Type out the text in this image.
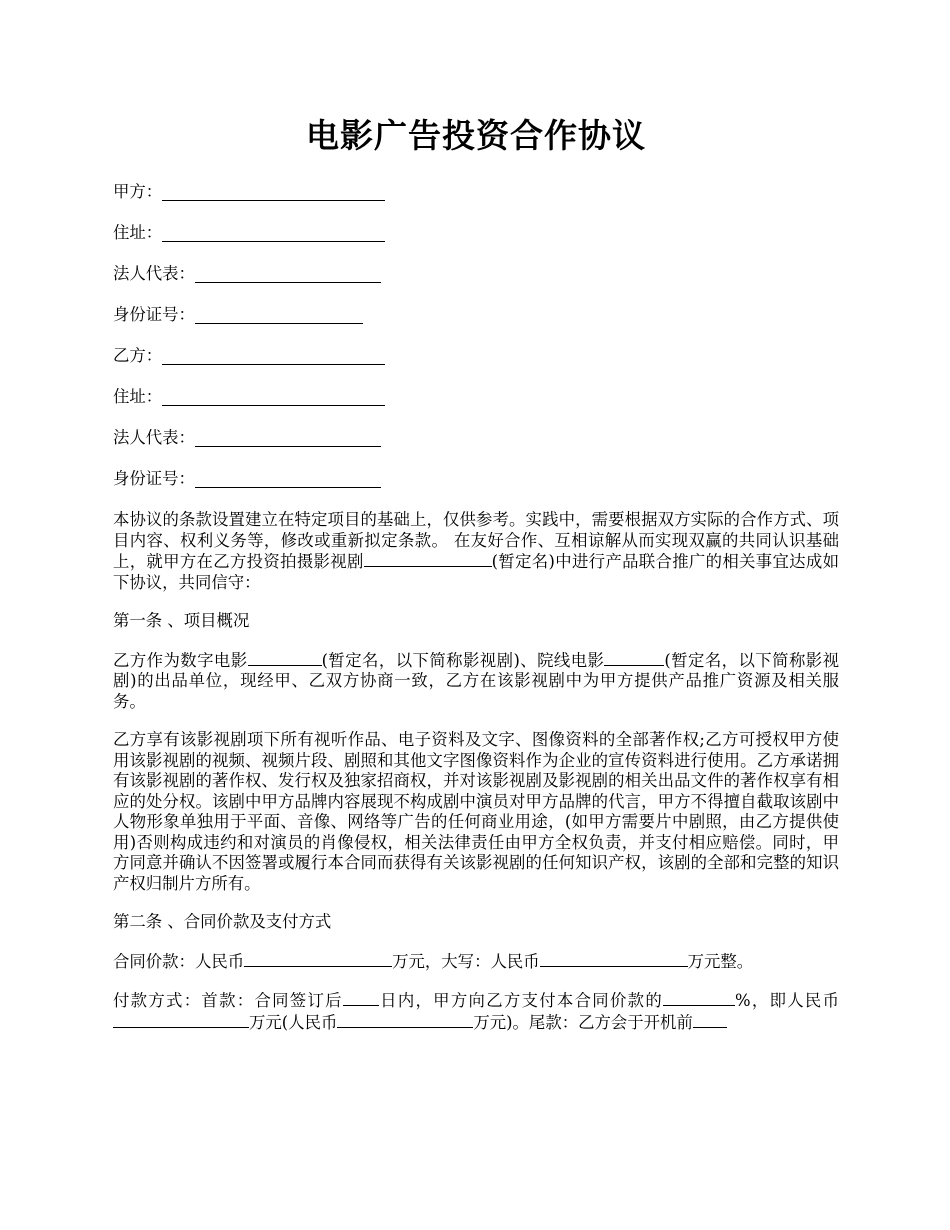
电影广告投资合作协议
甲方：
住址：
法人代表：
身份证号：
乙方：
住址：
法人代表：
身份证号：

本协议的条款设置建立在特定项目的基础上，仅供参考。实践中，需要根据双方实际的合作方式、项目内容、权利义务等，修改或重新拟定条款。 在友好合作、互相谅解从而实现双赢的共同认识基础上，就甲方在乙方投资拍摄影视剧	(暂定名)中进行产品联合推广的相关事宜达成如下协议，共同信守：

第一条 、项目概况

乙方作为数字电影	(暂定名，以下简称影视剧)、院线电影	(暂定名，以下简称影视剧)的出品单位，现经甲、乙双方协商一致，乙方在该影视剧中为甲方提供产品推广资源及相关服务。

乙方享有该影视剧项下所有视听作品、电子资料及文字、图像资料的全部著作权;乙方可授权甲方使用该影视剧的视频、视频片段、剧照和其他文字图像资料作为企业的宣传资料进行使用。乙方承诺拥有该影视剧的著作权、发行权及独家招商权，并对该影视剧及影视剧的相关出品文件的著作权享有相应的处分权。该剧中甲方品牌内容展现不构成剧中演员对甲方品牌的代言，甲方不得擅自截取该剧中人物形象单独用于平面、音像、网络等广告的任何商业用途，(如甲方需要片中剧照，由乙方提供使用)否则构成违约和对演员的肖像侵权，相关法律责任由甲方全权负责，并支付相应赔偿。同时，甲方同意并确认不因签署或履行本合同而获得有关该影视剧的任何知识产权，该剧的全部和完整的知识产权归制片方所有。

第二条 、合同价款及支付方式

合同价款：人民币	万元，大写：人民币	万元整。

付款方式：首款：合同签订后 日内，甲方向乙方支付本合同价款的	%，即人民币万元(人民币	万元)。尾款：乙方会于开机前
